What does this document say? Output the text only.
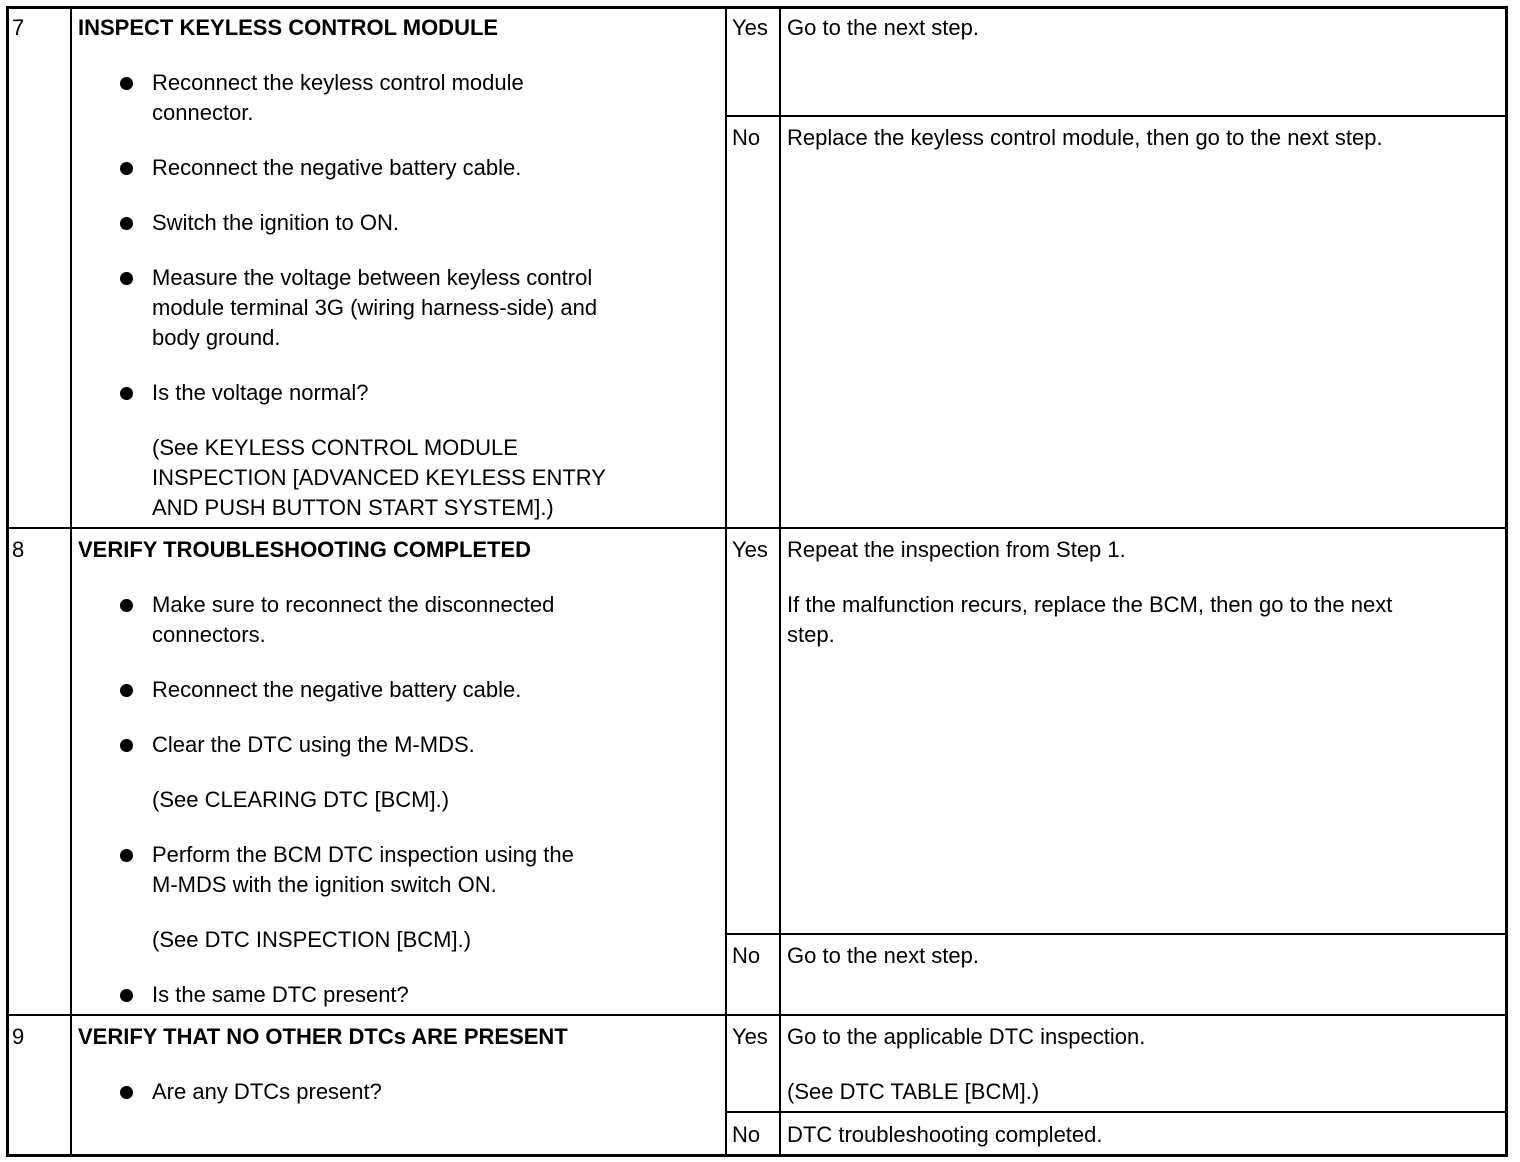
7 INSPECT KEYLESS CONTROL MODULE
Reconnect the keyless control module
connector.
Reconnect the negative battery cable.
Switch the ignition to ON.
Measure the voltage between keyless control
module terminal 3G (wiring harness-side) and
body ground.
Is the voltage normal?
(See KEYLESS CONTROL MODULE
INSPECTION [ADVANCED KEYLESS ENTRY
AND PUSH BUTTON START SYSTEM].)
Yes Go to the next step.
No Replace the keyless control module, then go to the next step.
8 VERIFY TROUBLESHOOTING COMPLETED
Make sure to reconnect the disconnected
connectors.
Reconnect the negative battery cable.
Clear the DTC using the M-MDS.
(See CLEARING DTC [BCM].)
Perform the BCM DTC inspection using the
M-MDS with the ignition switch ON.
(See DTC INSPECTION [BCM].)
Is the same DTC present?
Yes Repeat the inspection from Step 1.
If the malfunction recurs, replace the BCM, then go to the next
step.
No Go to the next step.
9 VERIFY THAT NO OTHER DTCs ARE PRESENT
Are any DTCs present?
Yes Go to the applicable DTC inspection.
(See DTC TABLE [BCM].)
No DTC troubleshooting completed.
